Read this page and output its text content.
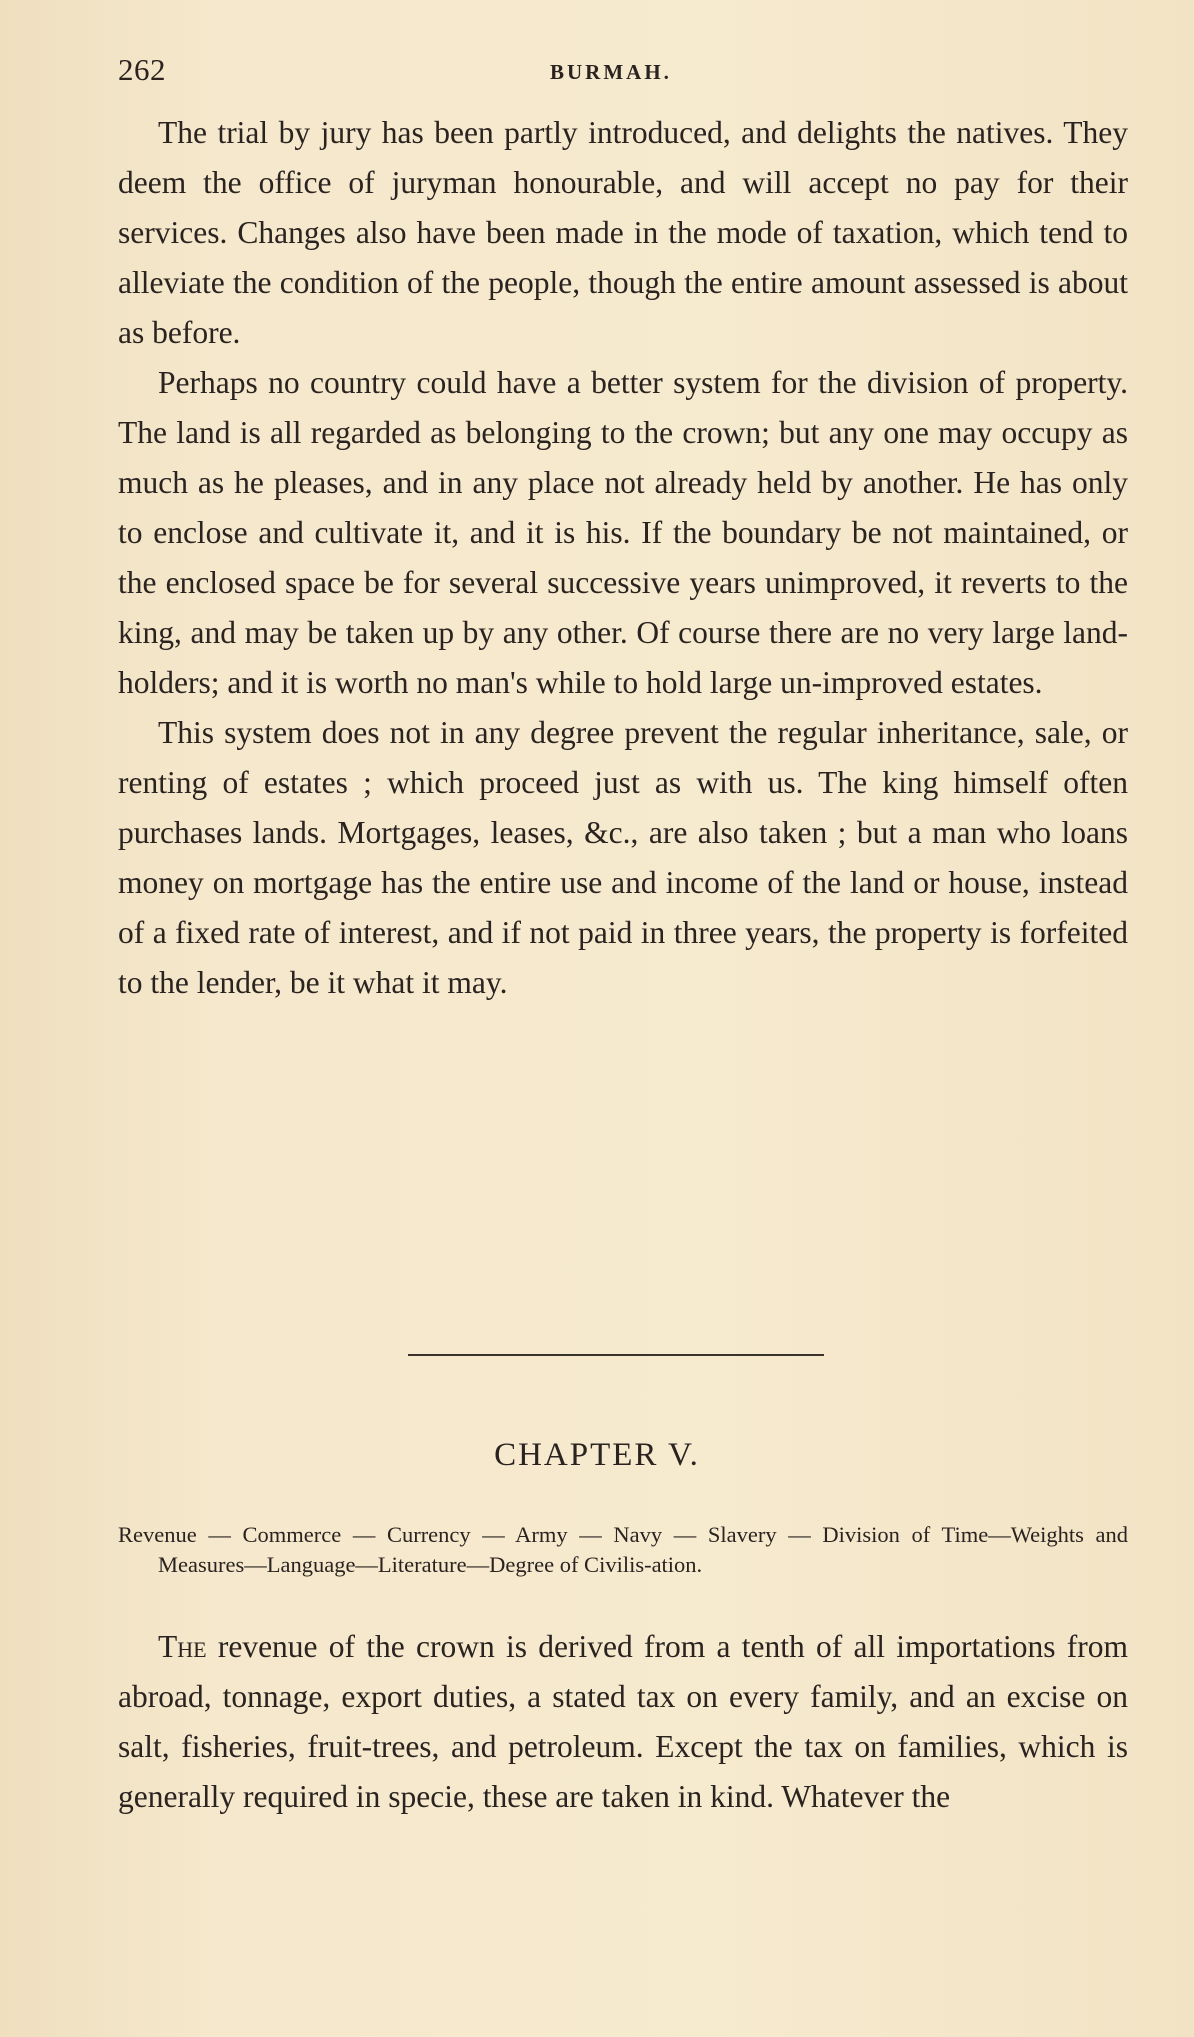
262	BURMAH.

The trial by jury has been partly introduced, and delights the natives. They deem the office of juryman honourable, and will accept no pay for their services. Changes also have been made in the mode of taxation, which tend to alleviate the condition of the people, though the entire amount assessed is about as before.

Perhaps no country could have a better system for the division of property. The land is all regarded as belonging to the crown; but any one may occupy as much as he pleases, and in any place not already held by another. He has only to enclose and cultivate it, and it is his. If the boundary be not maintained, or the enclosed space be for several successive years unimproved, it reverts to the king, and may be taken up by any other. Of course there are no very large land-holders; and it is worth no man's while to hold large un-improved estates.

This system does not in any degree prevent the regular inheritance, sale, or renting of estates ; which proceed just as with us. The king himself often purchases lands. Mortgages, leases, &c., are also taken ; but a man who loans money on mortgage has the entire use and income of the land or house, instead of a fixed rate of interest, and if not paid in three years, the property is forfeited to the lender, be it what it may.

CHAPTER V.
Revenue — Commerce — Currency — Army — Navy — Slavery — Division of Time—Weights and Measures—Language—Literature—Degree of Civilis-ation.

The revenue of the crown is derived from a tenth of all importations from abroad, tonnage, export duties, a stated tax on every family, and an excise on salt, fisheries, fruit-trees, and petroleum. Except the tax on families, which is generally required in specie, these are taken in kind. Whatever the
